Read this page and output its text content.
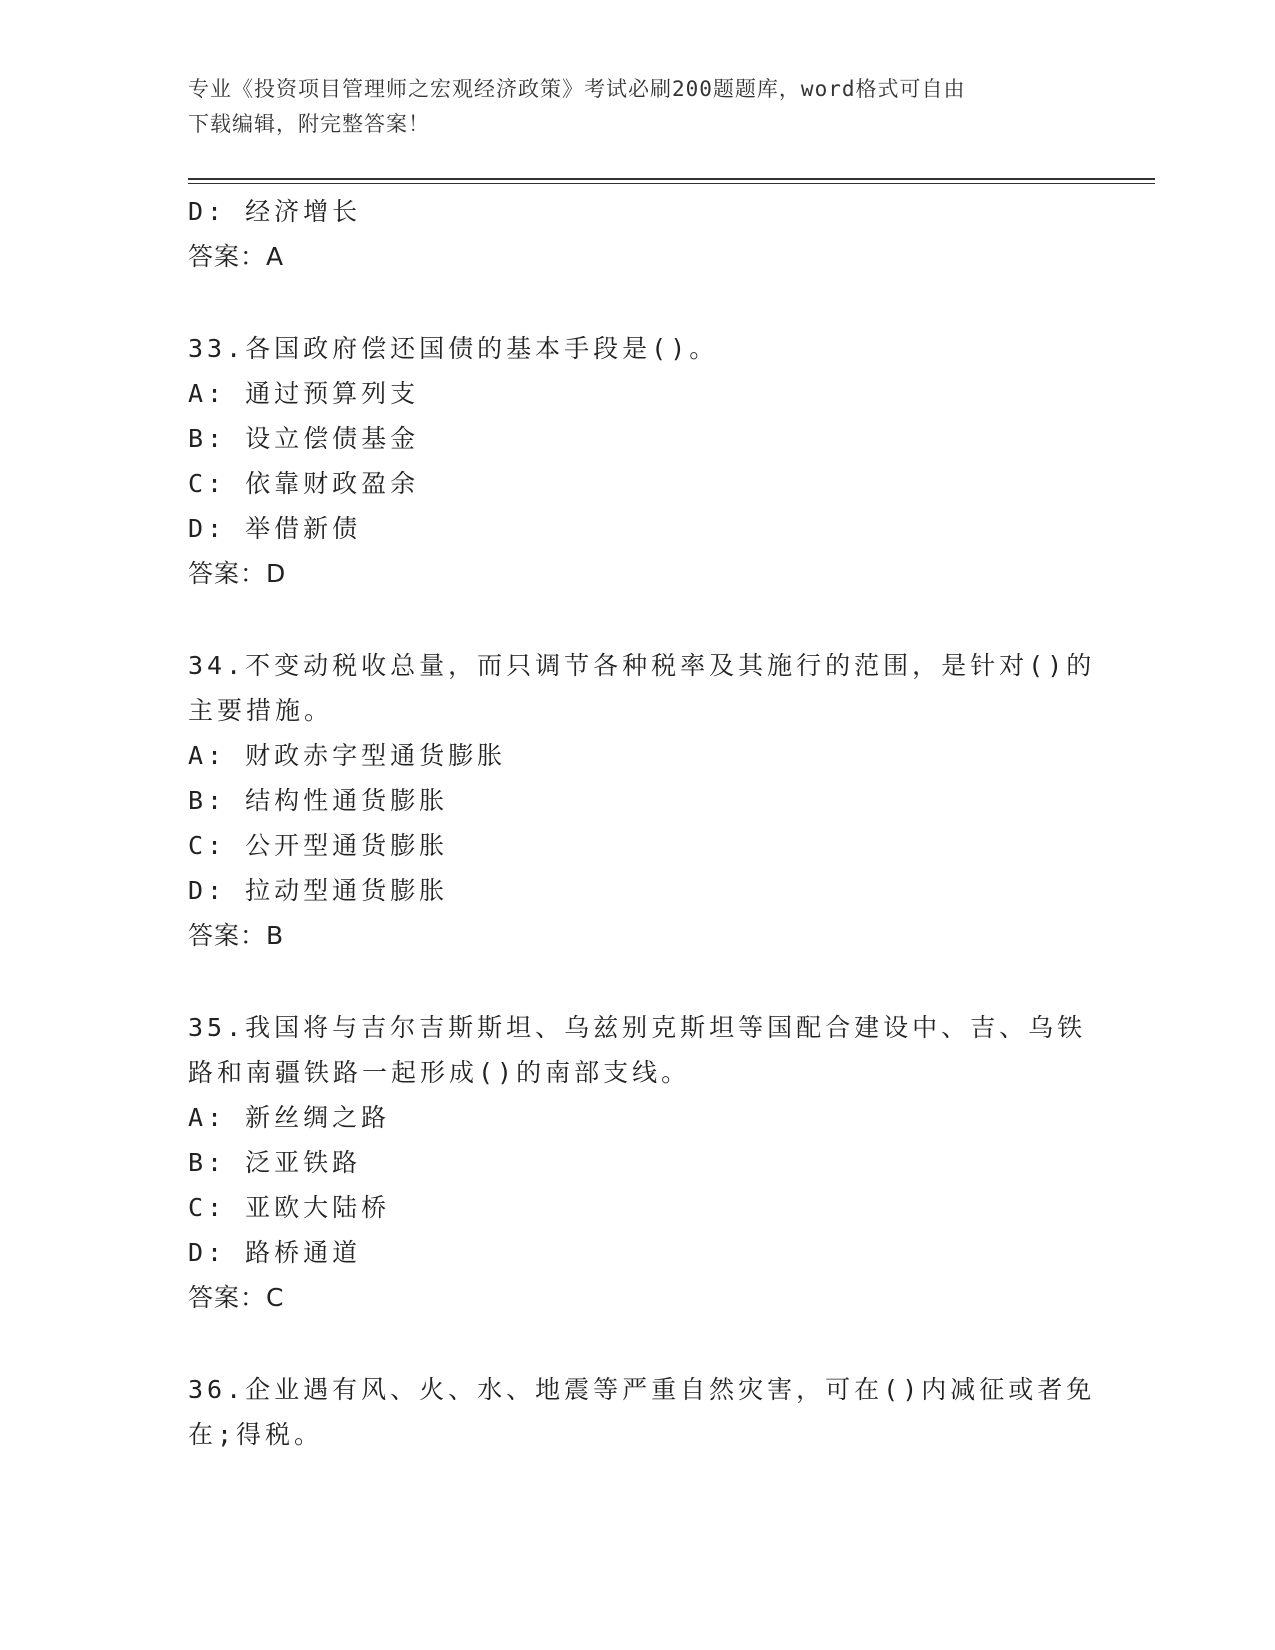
专业《投资项目管理师之宏观经济政策》考试必刷200题题库，word格式可自由
下载编辑，附完整答案！
D: 经济增长
答案：A
33.各国政府偿还国债的基本手段是()。
A: 通过预算列支
B: 设立偿债基金
C: 依靠财政盈余
D: 举借新债
答案：D
34.不变动税收总量，而只调节各种税率及其施行的范围，是针对()的
主要措施。
A: 财政赤字型通货膨胀
B: 结构性通货膨胀
C: 公开型通货膨胀
D: 拉动型通货膨胀
答案：B
35.我国将与吉尔吉斯斯坦、乌兹别克斯坦等国配合建设中、吉、乌铁
路和南疆铁路一起形成()的南部支线。
A: 新丝绸之路
B: 泛亚铁路
C: 亚欧大陆桥
D: 路桥通道
答案：C
36.企业遇有风、火、水、地震等严重自然灾害，可在()内减征或者免
在;得税。
